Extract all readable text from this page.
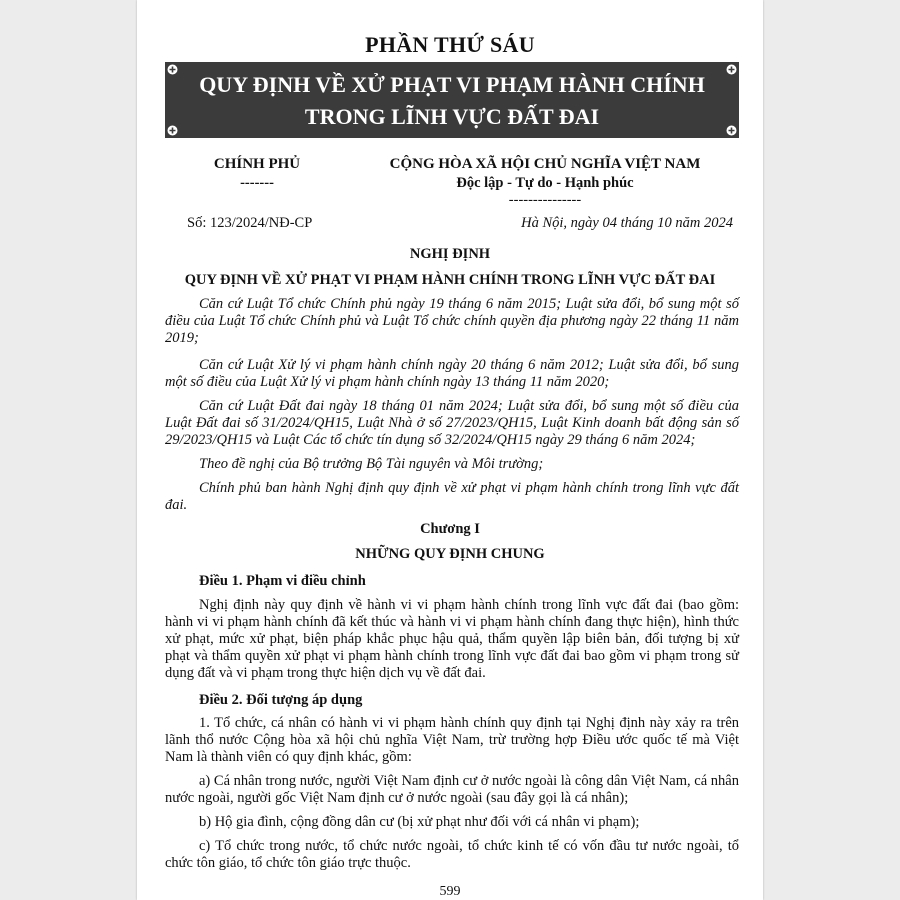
PHẦN THỨ SÁU
QUY ĐỊNH VỀ XỬ PHẠT VI PHẠM HÀNH CHÍNH
TRONG LĨNH VỰC ĐẤT ĐAI
CHÍNH PHỦ
-------
CỘNG HÒA XÃ HỘI CHỦ NGHĨA VIỆT NAM
Độc lập - Tự do - Hạnh phúc
---------------
Số: 123/2024/NĐ-CP	Hà Nội, ngày 04 tháng 10 năm 2024
NGHỊ ĐỊNH
QUY ĐỊNH VỀ XỬ PHẠT VI PHẠM HÀNH CHÍNH TRONG LĨNH VỰC ĐẤT ĐAI
Căn cứ Luật Tổ chức Chính phủ ngày 19 tháng 6 năm 2015; Luật sửa đổi, bổ sung một số điều của Luật Tổ chức Chính phủ và Luật Tổ chức chính quyền địa phương ngày 22 tháng 11 năm 2019;
Căn cứ Luật Xử lý vi phạm hành chính ngày 20 tháng 6 năm 2012; Luật sửa đổi, bổ sung một số điều của Luật Xử lý vi phạm hành chính ngày 13 tháng 11 năm 2020;
Căn cứ Luật Đất đai ngày 18 tháng 01 năm 2024; Luật sửa đổi, bổ sung một số điều của Luật Đất đai số 31/2024/QH15, Luật Nhà ở số 27/2023/QH15, Luật Kinh doanh bất động sản số 29/2023/QH15 và Luật Các tổ chức tín dụng số 32/2024/QH15 ngày 29 tháng 6 năm 2024;
Theo đề nghị của Bộ trưởng Bộ Tài nguyên và Môi trường;
Chính phủ ban hành Nghị định quy định về xử phạt vi phạm hành chính trong lĩnh vực đất đai.
Chương I
NHỮNG QUY ĐỊNH CHUNG
Điều 1. Phạm vi điều chỉnh
Nghị định này quy định về hành vi vi phạm hành chính trong lĩnh vực đất đai (bao gồm: hành vi vi phạm hành chính đã kết thúc và hành vi vi phạm hành chính đang thực hiện), hình thức xử phạt, mức xử phạt, biện pháp khắc phục hậu quả, thẩm quyền lập biên bản, đối tượng bị xử phạt và thẩm quyền xử phạt vi phạm hành chính trong lĩnh vực đất đai bao gồm vi phạm trong sử dụng đất và vi phạm trong thực hiện dịch vụ về đất đai.
Điều 2. Đối tượng áp dụng
1. Tổ chức, cá nhân có hành vi vi phạm hành chính quy định tại Nghị định này xảy ra trên lãnh thổ nước Cộng hòa xã hội chủ nghĩa Việt Nam, trừ trường hợp Điều ước quốc tế mà Việt Nam là thành viên có quy định khác, gồm:
a) Cá nhân trong nước, người Việt Nam định cư ở nước ngoài là công dân Việt Nam, cá nhân nước ngoài, người gốc Việt Nam định cư ở nước ngoài (sau đây gọi là cá nhân);
b) Hộ gia đình, cộng đồng dân cư (bị xử phạt như đối với cá nhân vi phạm);
c) Tổ chức trong nước, tổ chức nước ngoài, tổ chức kinh tế có vốn đầu tư nước ngoài, tổ chức tôn giáo, tổ chức tôn giáo trực thuộc.
599
